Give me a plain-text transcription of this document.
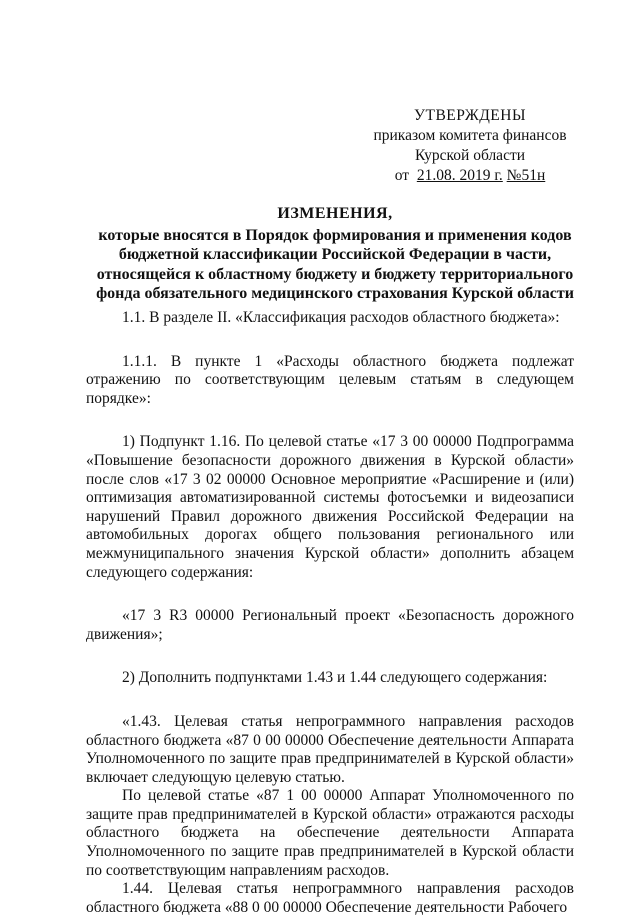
УТВЕРЖДЕНЫ
приказом комитета финансов
Курской области
от 21.08. 2019 г. №51н
ИЗМЕНЕНИЯ,
которые вносятся в Порядок формирования и применения кодов бюджетной классификации Российской Федерации в части, относящейся к областному бюджету и бюджету территориального фонда обязательного медицинского страхования Курской области

1.1. В разделе II. «Классификация расходов областного бюджета»:

1.1.1. В пункте 1 «Расходы областного бюджета подлежат отражению по соответствующим целевым статьям в следующем порядке»:

1) Подпункт 1.16. По целевой статье «17 3 00 00000 Подпрограмма «Повышение безопасности дорожного движения в Курской области» после слов «17 3 02 00000 Основное мероприятие «Расширение и (или) оптимизация автоматизированной системы фотосъемки и видеозаписи нарушений Правил дорожного движения Российской Федерации на автомобильных дорогах общего пользования регионального или межмуниципального значения Курской области» дополнить абзацем следующего содержания:

«17 3 R3 00000 Региональный проект «Безопасность дорожного движения»;

2) Дополнить подпунктами 1.43 и 1.44 следующего содержания:

«1.43. Целевая статья непрограммного направления расходов областного бюджета «87 0 00 00000 Обеспечение деятельности Аппарата Уполномоченного по защите прав предпринимателей в Курской области» включает следующую целевую статью.

По целевой статье «87 1 00 00000 Аппарат Уполномоченного по защите прав предпринимателей в Курской области» отражаются расходы областного бюджета на обеспечение деятельности Аппарата Уполномоченного по защите прав предпринимателей в Курской области по соответствующим направлениям расходов.

1.44. Целевая статья непрограммного направления расходов областного бюджета «88 0 00 00000 Обеспечение деятельности Рабочего
